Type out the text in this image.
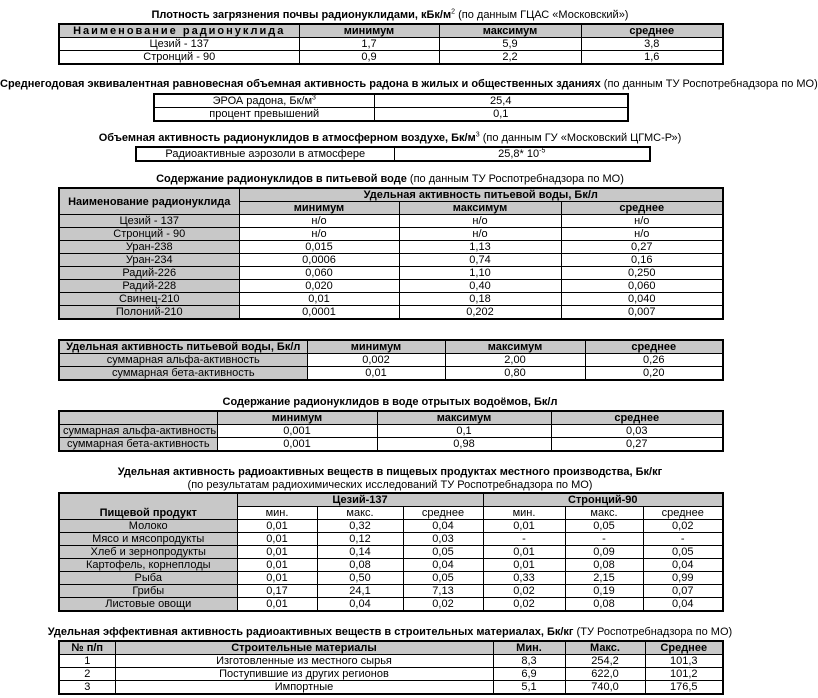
Плотность загрязнения почвы радионуклидами, кБк/$м^2$ (по данным ГЦАС «Московский»)
Наименование радионуклида	минимум	максимум	среднее
Цезий - 137	1,7	5,9	3,8
Стронций - 90	0,9	2,2	1,6
Среднегодовая эквивалентная равновесная объемная активность радона в жилых и общественных зданиях (по данным ТУ Роспотребнадзора по МО)
ЭРОА радона, $Бк/м^3$	25,4
процент превышений	0,1
Объемная активность радионуклидов в атмосферном воздухе, $Бк/м^3$ (по данным ГУ «Московский ЦГМС-Р»)
Радиоактивные аэрозоли в атмосфере	25,8* $10^{-5}$
Содержание радионуклидов в питьевой воде (по данным ТУ Роспотребнадзора по МО)
Наименование радионуклида	Удельная активность питьевой воды, Бк/л		
	минимум	максимум	среднее
Цезий - 137	н/о	н/о	н/о
Стронций - 90	н/о	н/о	н/о
Уран-238	0,015	1,13	0,27
Уран-234	0,0006	0,74	0,16
Радий-226	0,060	1,10	0,250
Радий-228	0,020	0,40	0,060
Свинец-210	0,01	0,18	0,040
Полоний-210	0,0001	0,202	0,007
Удельная активность питьевой воды, Бк/л	минимум	максимум	среднее
суммарная альфа-активность	0,002	2,00	0,26
суммарная бета-активность	0,01	0,80	0,20
Содержание радионуклидов в воде отрытых водоёмов, Бк/л
	минимум	максимум	среднее
суммарная альфа-активность	0,001	0,1	0,03
суммарная бета-активность	0,001	0,98	0,27
Удельная активность радиоактивных веществ в пищевых продуктах местного производства, Бк/кг
(по результатам радиохимических исследований ТУ Роспотребнадзора по МО)
Пищевой продукт	Цезий-137			Стронций-90		
	мин.	макс.	среднее	мин.	макс.	среднее
Молоко	0,01	0,32	0,04	0,01	0,05	0,02
Мясо и мясопродукты	0,01	0,12	0,03	-	-	-
Хлеб и зернопродукты	0,01	0,14	0,05	0,01	0,09	0,05
Картофель, корнеплоды	0,01	0,08	0,04	0,01	0,08	0,04
Рыба	0,01	0,50	0,05	0,33	2,15	0,99
Грибы	0,17	24,1	7,13	0,02	0,19	0,07
Листовые овощи	0,01	0,04	0,02	0,02	0,08	0,04
Удельная эффективная активность радиоактивных веществ в строительных материалах, Бк/кг (ТУ Роспотребнадзора по МО)
№ п/п	Строительные материалы	Мин.	Макс.	Среднее
1	Изготовленные из местного сырья	8,3	254,2	101,3
2	Поступившие из других регионов	6,9	622,0	101,2
3	Импортные	5,1	740,0	176,5
